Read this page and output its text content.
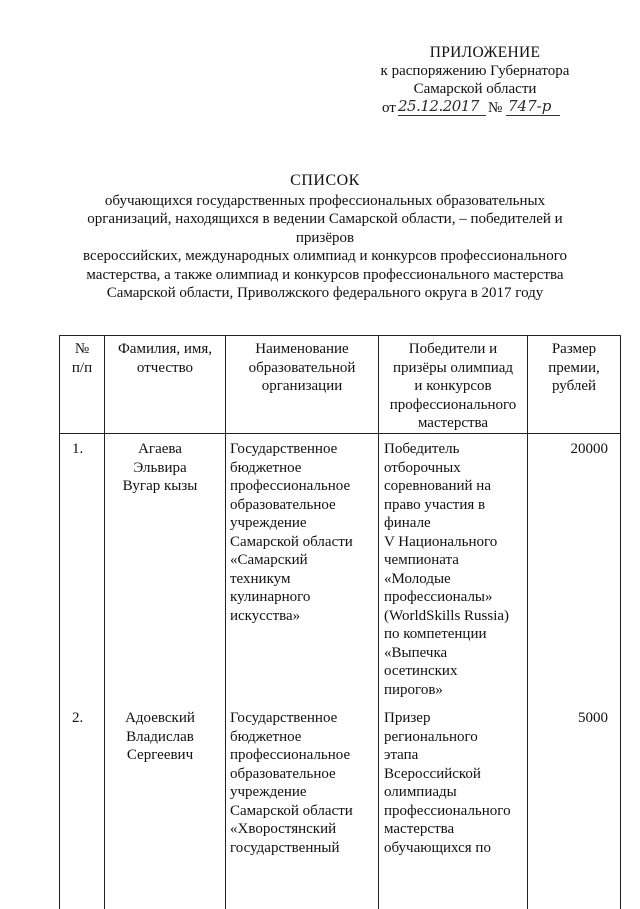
ПРИЛОЖЕНИЕ
к распоряжению Губернатора
Самарской области
от 25.12.2017 № 747-р
СПИСОК
обучающихся государственных профессиональных образовательных
организаций, находящихся в ведении Самарской области, – победителей и призёров
всероссийских, международных олимпиад и конкурсов профессионального
мастерства, а также олимпиад и конкурсов профессионального мастерства
Самарской области, Приволжского федерального округа в 2017 году
№
п/п
Фамилия, имя,
отчество
Наименование
образовательной
организации
Победители и
призёры олимпиад
и конкурсов
профессионального
мастерства
Размер
премии,
рублей
1.	Агаева
Эльвира
Вугар кызы
Государственное
бюджетное
профессиональное
образовательное
учреждение
Самарской области
«Самарский
техникум
кулинарного
искусства»
Победитель
отборочных
соревнований на
право участия в
финале
V Национального
чемпионата
«Молодые
профессионалы»
(WorldSkills Russia)
по компетенции
«Выпечка
осетинских
пирогов»
20000
2.	Адоевский
Владислав
Сергеевич
Государственное
бюджетное
профессиональное
образовательное
учреждение
Самарской области
«Хворостянский
государственный
Призер
регионального
этапа
Всероссийской
олимпиады
профессионального
мастерства
обучающихся по
5000
